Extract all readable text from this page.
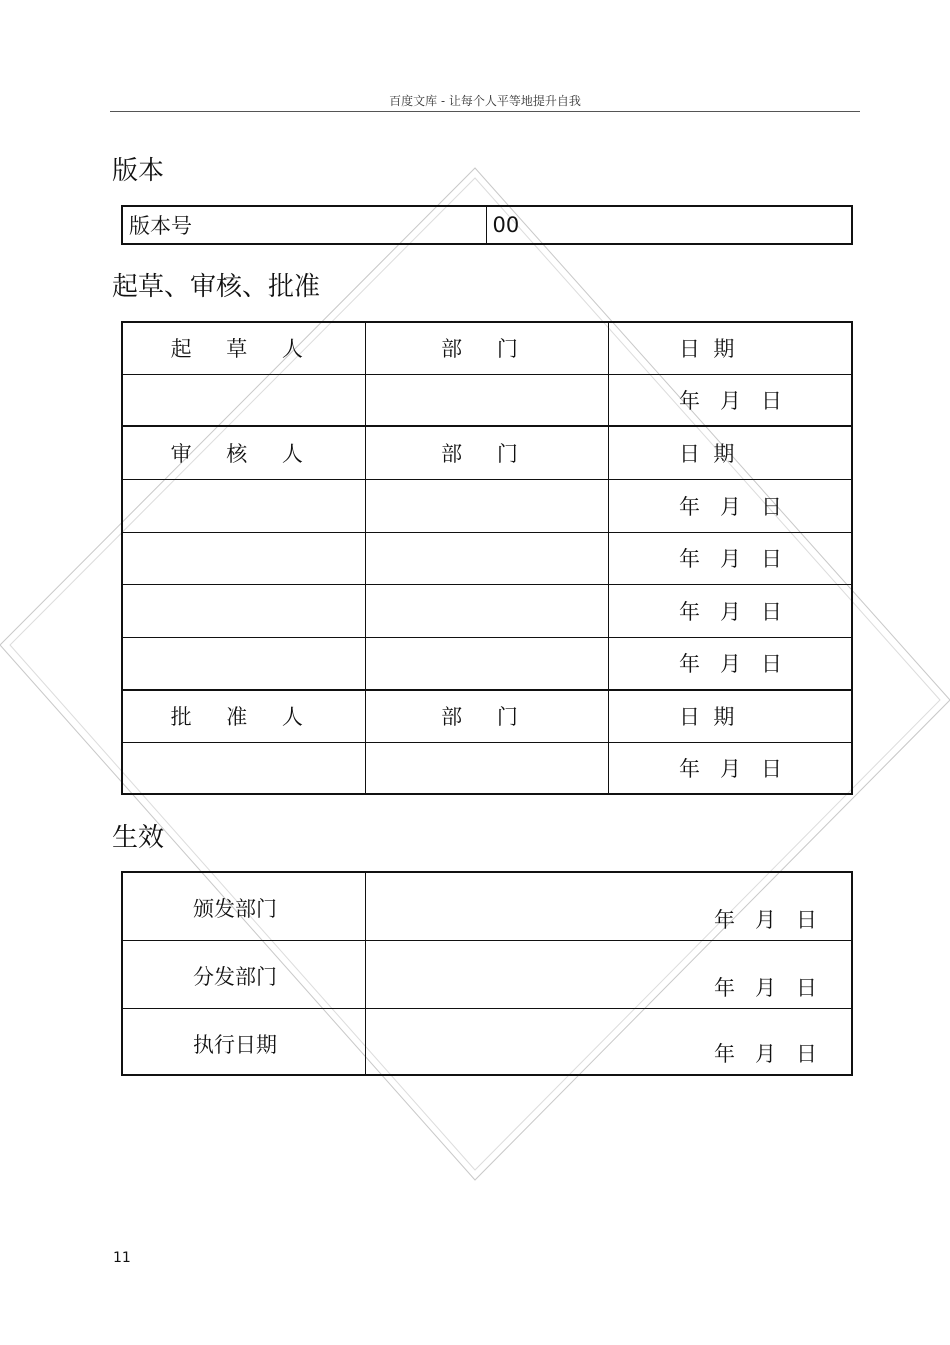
百度文库 - 让每个人平等地提升自我
版本
版本号	00
起草、审核、批准
起 草 人	部 门	日  期
		年   月   日
审 核 人	部 门	日  期
		年   月   日
		年   月   日
		年   月   日
		年   月   日
批 准 人	部 门	日  期
		年   月   日
生效
颁发部门	年   月   日

分发部门	年   月   日

执行日期	年   月   日
11
